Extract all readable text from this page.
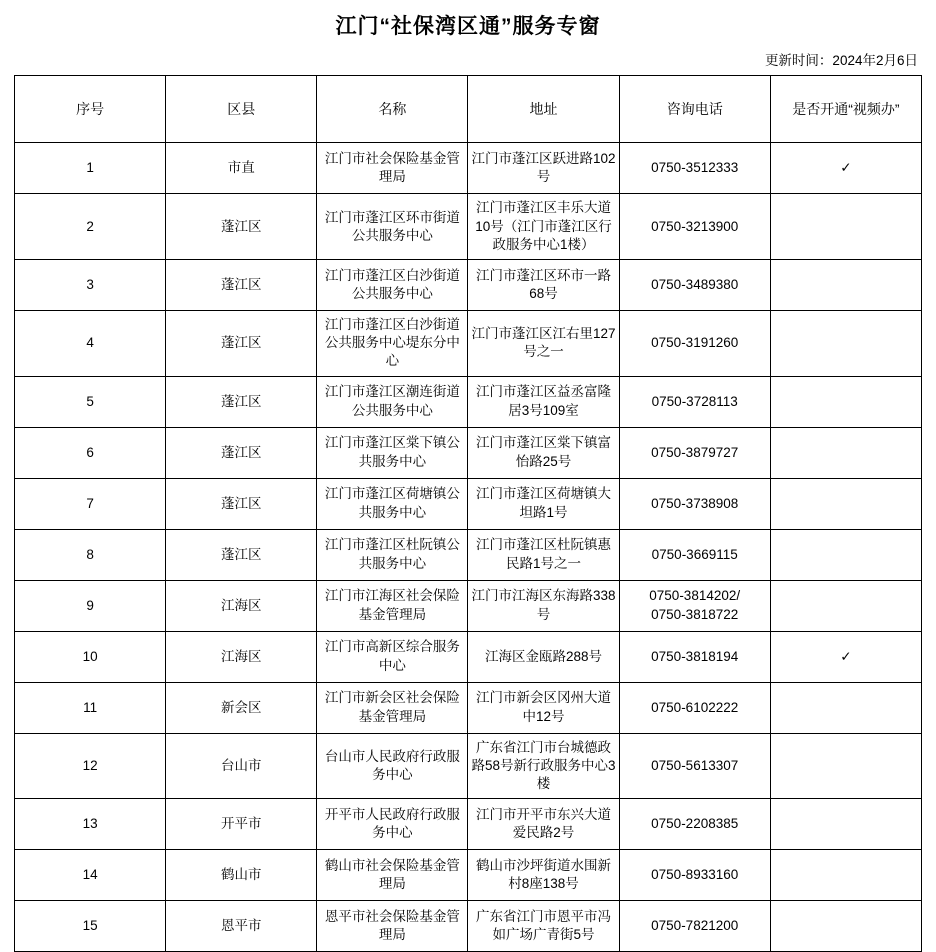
江门“社保湾区通”服务专窗
更新时间：2024年2月6日
序号	区县	名称	地址	咨询电话	是否开通“视频办”
1	市直	江门市社会保险基金管理局	江门市蓬江区跃进路102号	0750-3512333	✓
2	蓬江区	江门市蓬江区环市街道公共服务中心	江门市蓬江区丰乐大道10号（江门市蓬江区行政服务中心1楼）	0750-3213900	
3	蓬江区	江门市蓬江区白沙街道公共服务中心	江门市蓬江区环市一路68号	0750-3489380	
4	蓬江区	江门市蓬江区白沙街道公共服务中心堤东分中心	江门市蓬江区江右里127号之一	0750-3191260	
5	蓬江区	江门市蓬江区潮连街道公共服务中心	江门市蓬江区益丞富隆居3号109室	0750-3728113	
6	蓬江区	江门市蓬江区棠下镇公共服务中心	江门市蓬江区棠下镇富怡路25号	0750-3879727	
7	蓬江区	江门市蓬江区荷塘镇公共服务中心	江门市蓬江区荷塘镇大坦路1号	0750-3738908	
8	蓬江区	江门市蓬江区杜阮镇公共服务中心	江门市蓬江区杜阮镇惠民路1号之一	0750-3669115	
9	江海区	江门市江海区社会保险基金管理局	江门市江海区东海路338号	0750-3814202/
0750-3818722	

10	江海区	江门市高新区综合服务中心	江海区金瓯路288号	0750-3818194	✓
11	新会区	江门市新会区社会保险基金管理局	江门市新会区冈州大道中12号	0750-6102222	
12	台山市	台山市人民政府行政服务中心	广东省江门市台城德政路58号新行政服务中心3楼	0750-5613307	
13	开平市	开平市人民政府行政服务中心	江门市开平市东兴大道爱民路2号	0750-2208385	
14	鹤山市	鹤山市社会保险基金管理局	鹤山市沙坪街道水围新村8座138号	0750-8933160	
15	恩平市	恩平市社会保险基金管理局	广东省江门市恩平市冯如广场广青街5号	0750-7821200	
